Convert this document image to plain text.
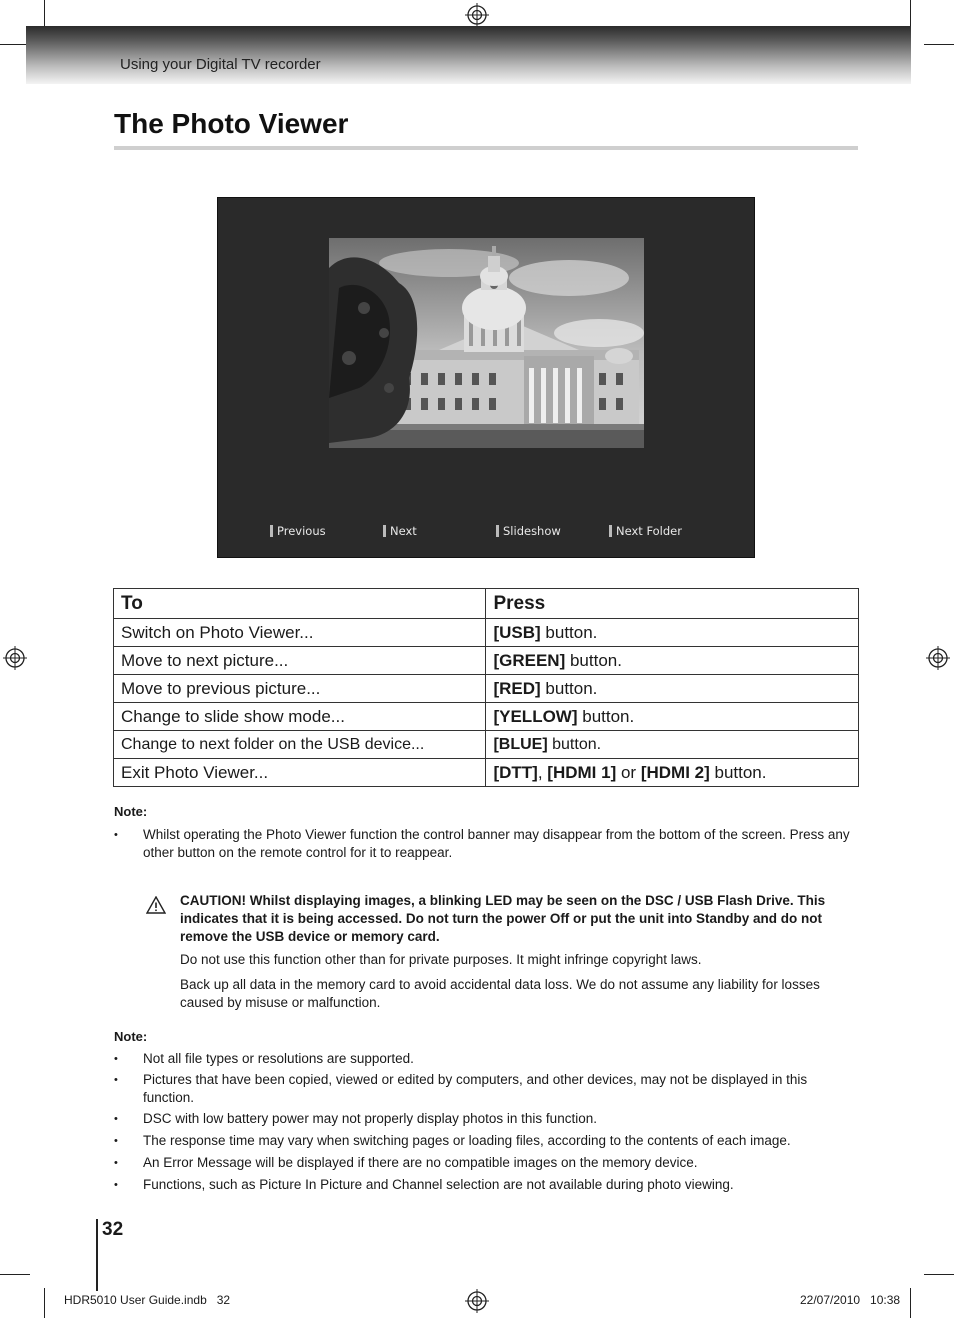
Using your Digital TV recorder
The Photo Viewer
Previous	Next	Slideshow	Next Folder
To	Press
Switch on Photo Viewer...	[USB] button.
Move to next picture...	[GREEN] button.
Move to previous picture...	[RED] button.
Change to slide show mode...	[YELLOW] button.
Change to next folder on the USB device...	[BLUE] button.
Exit Photo Viewer...	[DTT], [HDMI 1] or [HDMI 2] button.
Note:
• Whilst operating the Photo Viewer function the control banner may disappear from the bottom of the screen. Press any other button on the remote control for it to reappear.
CAUTION! Whilst displaying images, a blinking LED may be seen on the DSC / USB Flash Drive. This indicates that it is being accessed. Do not turn the power Off or put the unit into Standby and do not remove the USB device or memory card.
Do not use this function other than for private purposes. It might infringe copyright laws.
Back up all data in the memory card to avoid accidental data loss. We do not assume any liability for losses caused by misuse or malfunction.
Note:
• Not all file types or resolutions are supported.
• Pictures that have been copied, viewed or edited by computers, and other devices, may not be displayed in this function.
• DSC with low battery power may not properly display photos in this function.
• The response time may vary when switching pages or loading files, according to the contents of each image.
• An Error Message will be displayed if there are no compatible images on the memory device.
• Functions, such as Picture In Picture and Channel selection are not available during photo viewing.
32
HDR5010 User Guide.indb   32	22/07/2010   10:38
